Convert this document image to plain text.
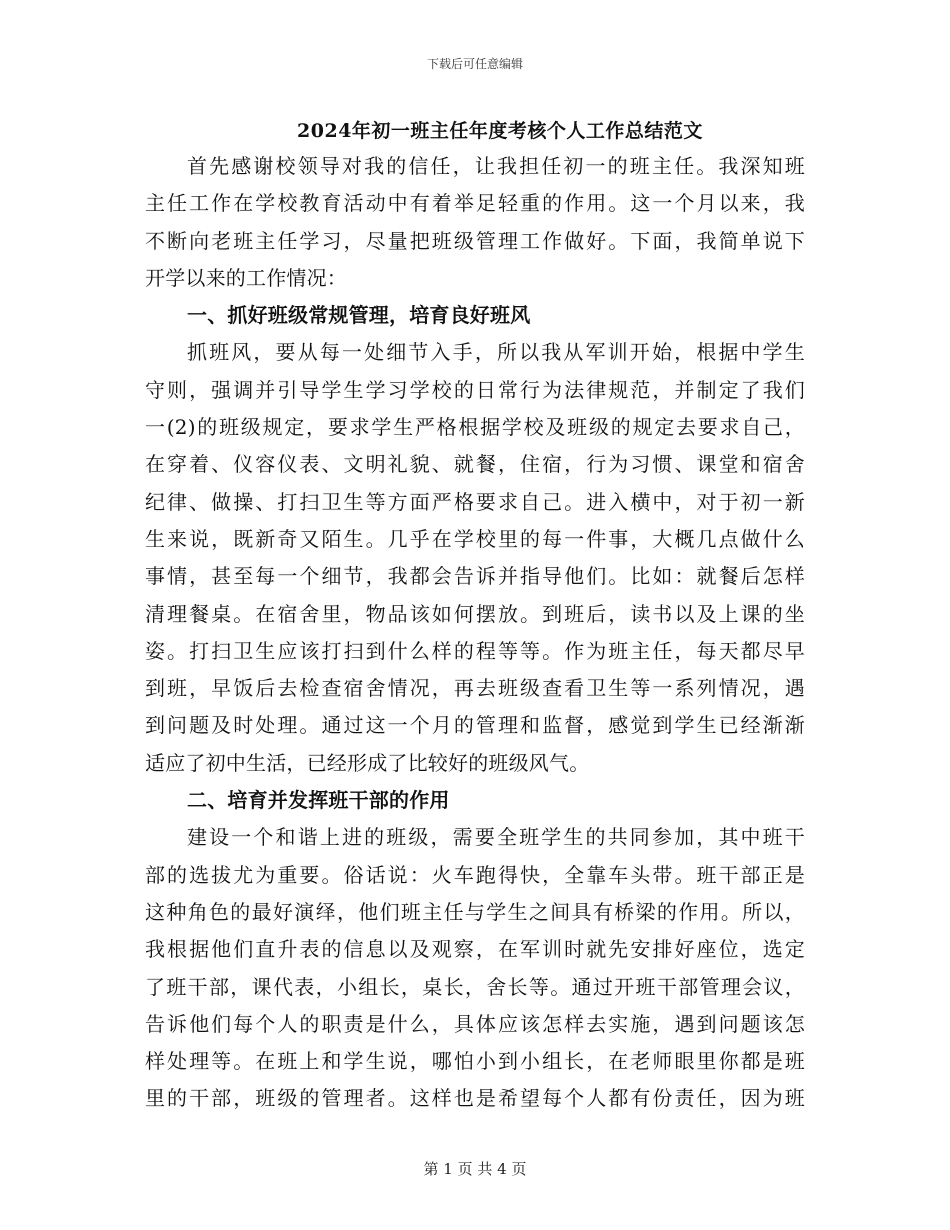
下载后可任意编辑
2024年初一班主任年度考核个人工作总结范文
首先感谢校领导对我的信任，让我担任初一的班主任。我深知班
主任工作在学校教育活动中有着举足轻重的作用。这一个月以来，我
不断向老班主任学习，尽量把班级管理工作做好。下面，我简单说下
开学以来的工作情况：
一、抓好班级常规管理，培育良好班风
抓班风，要从每一处细节入手，所以我从军训开始，根据中学生
守则，强调并引导学生学习学校的日常行为法律规范，并制定了我们
一(2)的班级规定，要求学生严格根据学校及班级的规定去要求自己，
在穿着、仪容仪表、文明礼貌、就餐，住宿，行为习惯、课堂和宿舍
纪律、做操、打扫卫生等方面严格要求自己。进入横中，对于初一新
生来说，既新奇又陌生。几乎在学校里的每一件事，大概几点做什么
事情，甚至每一个细节，我都会告诉并指导他们。比如：就餐后怎样
清理餐桌。在宿舍里，物品该如何摆放。到班后，读书以及上课的坐
姿。打扫卫生应该打扫到什么样的程等等。作为班主任，每天都尽早
到班，早饭后去检查宿舍情况，再去班级查看卫生等一系列情况，遇
到问题及时处理。通过这一个月的管理和监督，感觉到学生已经渐渐
适应了初中生活，已经形成了比较好的班级风气。
二、培育并发挥班干部的作用
建设一个和谐上进的班级，需要全班学生的共同参加，其中班干
部的选拔尤为重要。俗话说：火车跑得快，全靠车头带。班干部正是
这种角色的最好演绎，他们班主任与学生之间具有桥梁的作用。所以，
我根据他们直升表的信息以及观察，在军训时就先安排好座位，选定
了班干部，课代表，小组长，桌长，舍长等。通过开班干部管理会议，
告诉他们每个人的职责是什么，具体应该怎样去实施，遇到问题该怎
样处理等。在班上和学生说，哪怕小到小组长，在老师眼里你都是班
里的干部，班级的管理者。这样也是希望每个人都有份责任，因为班
第 1 页 共 4 页
